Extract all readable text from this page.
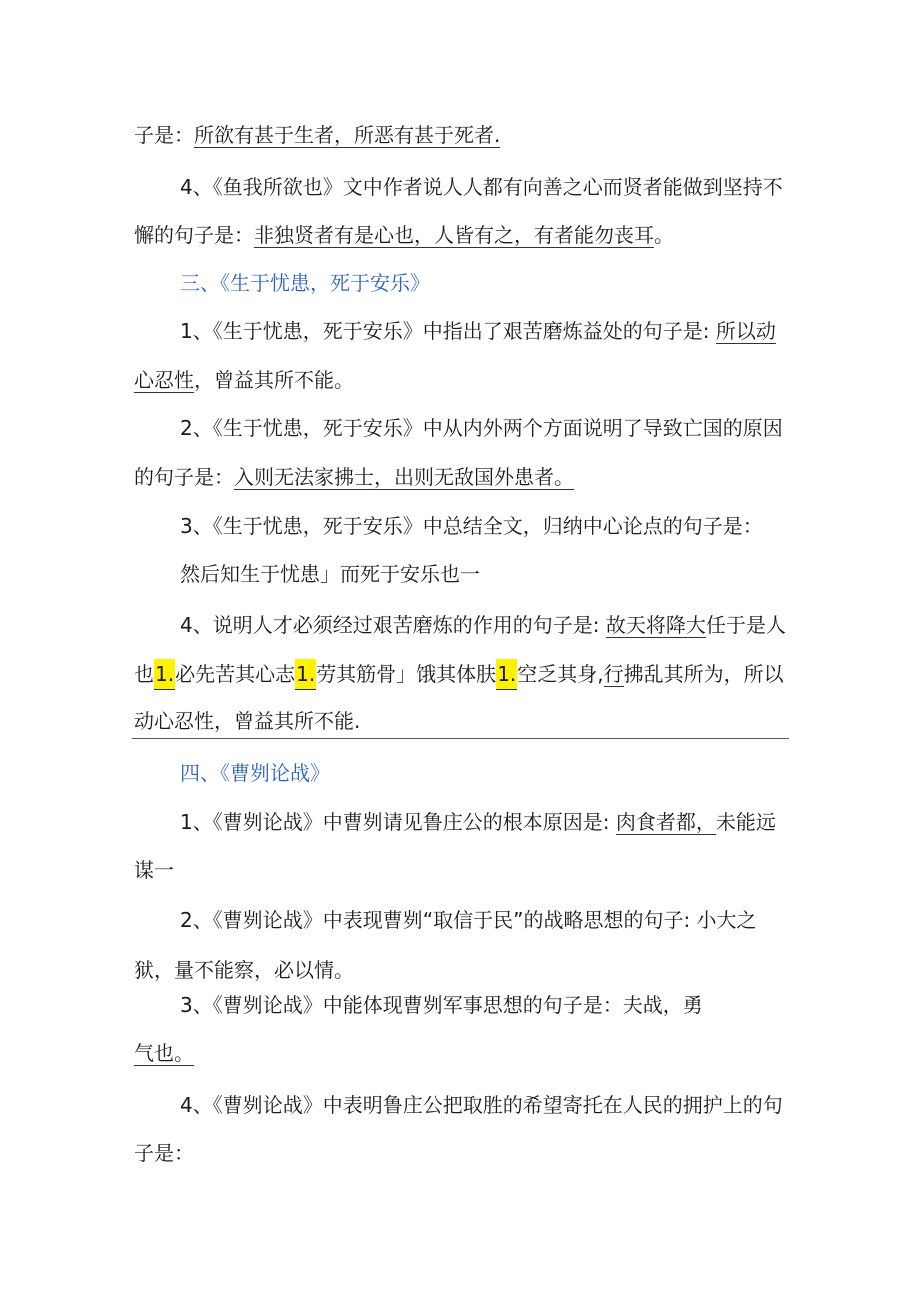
子是：所欲有甚于生者，所恶有甚于死者.

4、《鱼我所欲也》文中作者说人人都有向善之心而贤者能做到坚持不

懈的句子是：非独贤者有是心也，人皆有之，有者能勿丧耳。

三、《生于忧患，死于安乐》

1、《生于忧患，死于安乐》中指出了艰苦磨炼益处的句子是: 所以动

心忍性，曾益其所不能。

2、《生于忧患，死于安乐》中从内外两个方面说明了导致亡国的原因

的句子是：入则无法家拂士，出则无敌国外患者。

3、《生于忧患，死于安乐》中总结全文，归纳中心论点的句子是：

然后知生于忧患」而死于安乐也一

4、说明人才必须经过艰苦磨炼的作用的句子是: 故天将降大任于是人

也1.必先苦其心志1.劳其筋骨」饿其体肤1.空乏其身,行拂乱其所为，所以

动心忍性，曾益其所不能.

四、《曹刿论战》

1、《曹刿论战》中曹刿请见鲁庄公的根本原因是: 肉食者都，未能远

谋一

2、《曹刿论战》中表现曹刿“取信于民”的战略思想的句子: 小大之

狱，量不能察，必以情。

3、《曹刿论战》中能体现曹刿军事思想的句子是：夫战，勇

气也。

4、《曹刿论战》中表明鲁庄公把取胜的希望寄托在人民的拥护上的句

子是：
